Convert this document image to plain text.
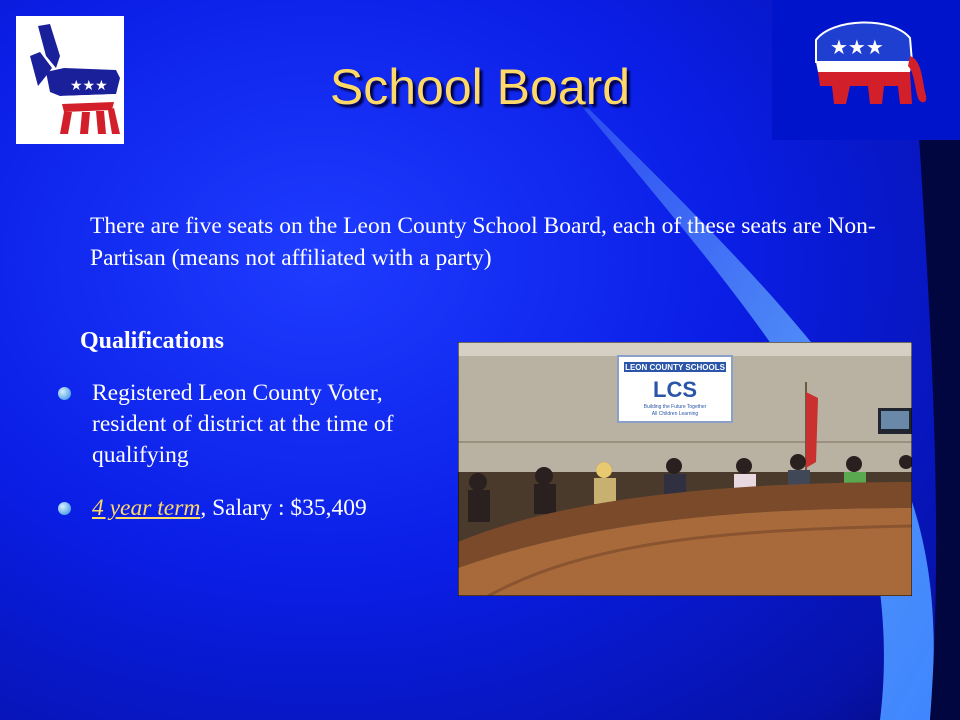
★★★
★★★
School Board

There are five seats on the Leon County School Board, each of these seats are Non-Partisan (means not affiliated with a party)

Qualifications
Registered Leon County Voter, resident of district at the time of qualifying
4 year term, Salary : $35,409
LEON COUNTY SCHOOLS
LCS
Building the Future Together
All Children Learning
